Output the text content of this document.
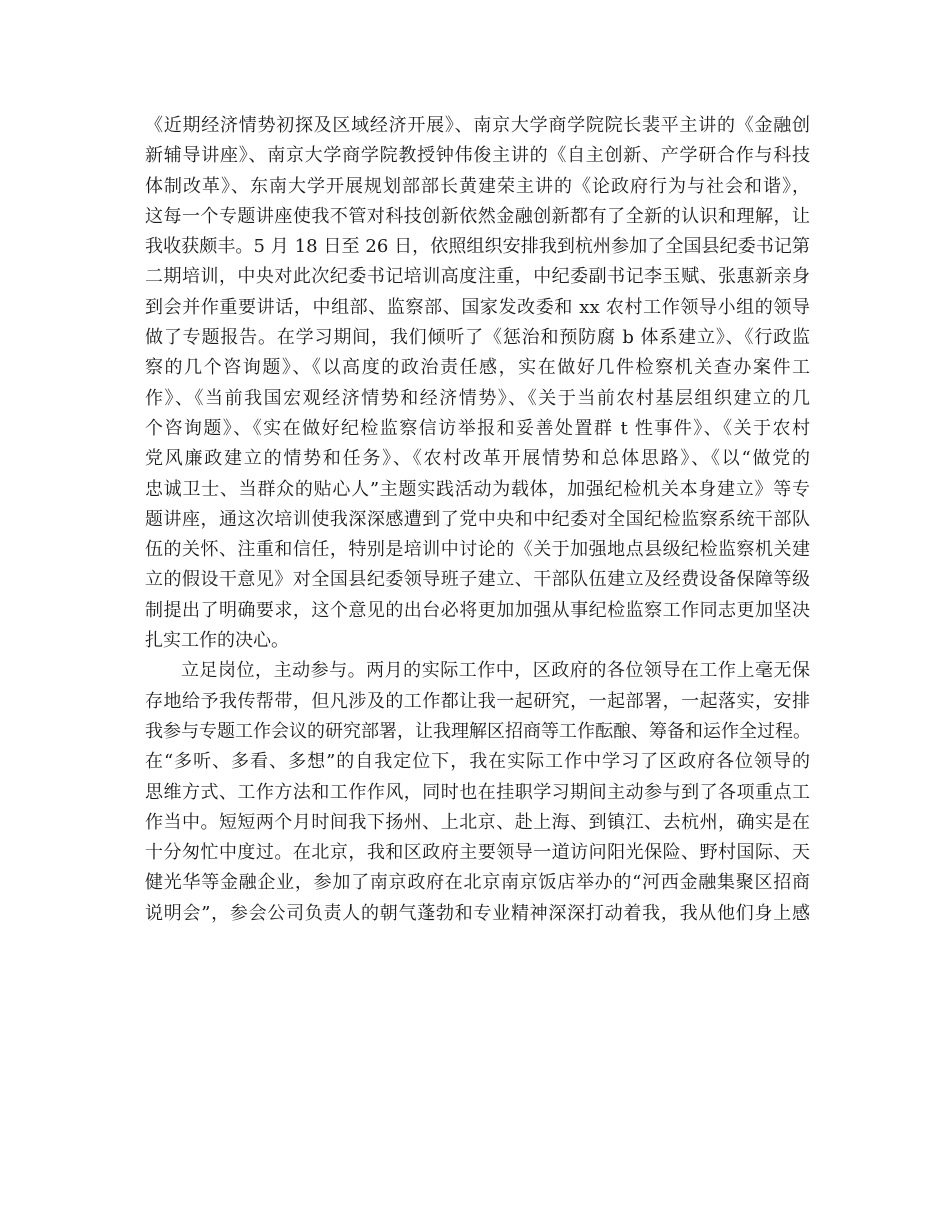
《近期经济情势初探及区域经济开展》、南京大学商学院院长裴平主讲的《金融创
新辅导讲座》、南京大学商学院教授钟伟俊主讲的《自主创新、产学研合作与科技
体制改革》、东南大学开展规划部部长黄建荣主讲的《论政府行为与社会和谐》，
这每一个专题讲座使我不管对科技创新依然金融创新都有了全新的认识和理解，让
我收获颇丰。5 月 18 日至 26 日，依照组织安排我到杭州参加了全国县纪委书记第
二期培训，中央对此次纪委书记培训高度注重，中纪委副书记李玉赋、张惠新亲身
到会并作重要讲话，中组部、监察部、国家发改委和 xx 农村工作领导小组的领导
做了专题报告。在学习期间，我们倾听了《惩治和预防腐 b 体系建立》、《行政监
察的几个咨询题》、《以高度的政治责任感，实在做好几件检察机关查办案件工
作》、《当前我国宏观经济情势和经济情势》、《关于当前农村基层组织建立的几
个咨询题》、《实在做好纪检监察信访举报和妥善处置群 t 性事件》、《关于农村
党风廉政建立的情势和任务》、《农村改革开展情势和总体思路》、《以“做党的
忠诚卫士、当群众的贴心人”主题实践活动为载体，加强纪检机关本身建立》等专
题讲座，通这次培训使我深深感遭到了党中央和中纪委对全国纪检监察系统干部队
伍的关怀、注重和信任，特别是培训中讨论的《关于加强地点县级纪检监察机关建
立的假设干意见》对全国县纪委领导班子建立、干部队伍建立及经费设备保障等级
制提出了明确要求，这个意见的出台必将更加加强从事纪检监察工作同志更加坚决
扎实工作的决心。
立足岗位，主动参与。两月的实际工作中，区政府的各位领导在工作上毫无保
存地给予我传帮带，但凡涉及的工作都让我一起研究，一起部署，一起落实，安排
我参与专题工作会议的研究部署，让我理解区招商等工作酝酿、筹备和运作全过程。
在“多听、多看、多想”的自我定位下，我在实际工作中学习了区政府各位领导的
思维方式、工作方法和工作作风，同时也在挂职学习期间主动参与到了各项重点工
作当中。短短两个月时间我下扬州、上北京、赴上海、到镇江、去杭州，确实是在
十分匆忙中度过。在北京，我和区政府主要领导一道访问阳光保险、野村国际、天
健光华等金融企业，参加了南京政府在北京南京饭店举办的“河西金融集聚区招商
说明会”，参会公司负责人的朝气蓬勃和专业精神深深打动着我，我从他们身上感
